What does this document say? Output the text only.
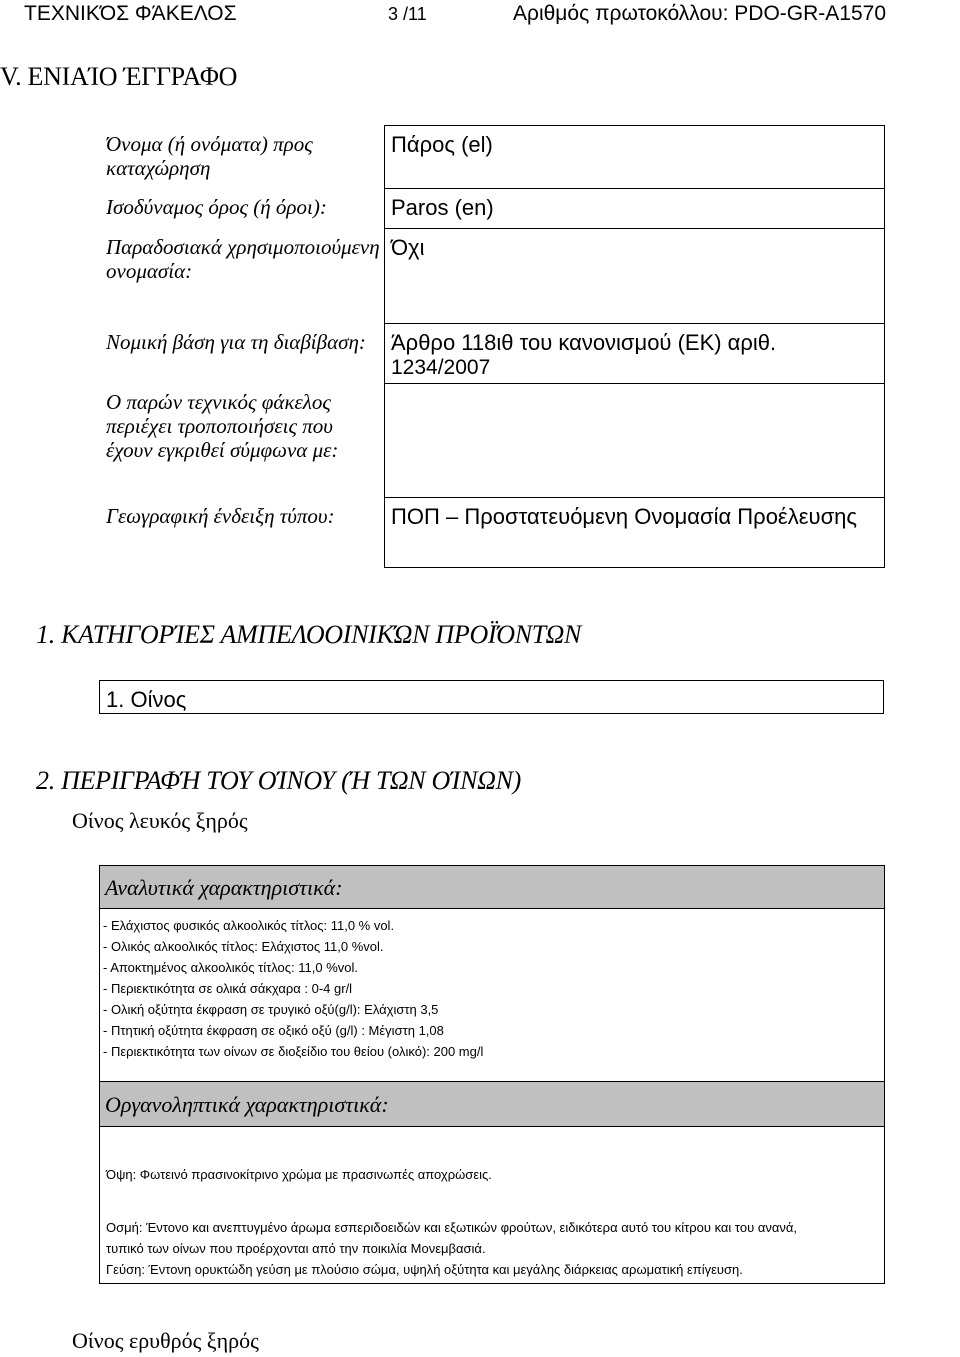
ΤΕΧΝΙΚΌΣ ΦΆΚΕΛΟΣ	3 /11	Αριθμός πρωτοκόλλου: PDO-GR-A1570
V. ΕΝΙΑΊΟ ΈΓΓΡΑΦΟ
Όνομα (ή ονόματα) προς καταχώρηση	Πάρος (el)
Ισοδύναμος όρος (ή όροι):	Paros (en)
Παραδοσιακά χρησιμοποιούμενη ονομασία:	Όχι
Νομική βάση για τη διαβίβαση:	Άρθρο 118ιθ του κανονισμού (ΕΚ) αριθ.
1234/2007

Ο παρών τεχνικός φάκελος περιέχει τροποποιήσεις που έχουν εγκριθεί σύμφωνα με:	
Γεωγραφική ένδειξη τύπου:	ΠΟΠ – Προστατευόμενη Ονομασία Προέλευσης
1. ΚΑΤΗΓΟΡΊΕΣ ΑΜΠΕΛΟΟΙΝΙΚΏΝ ΠΡΟΪΌΝΤΩΝ
1. Οίνος
2. ΠΕΡΙΓΡΑΦΉ ΤΟΥ ΟΊΝΟΥ (Ή ΤΩΝ ΟΊΝΩΝ)
Οίνος λευκός ξηρός
Αναλυτικά χαρακτηριστικά:
- Ελάχιστος φυσικός αλκοολικός τίτλος: 11,0 % vol.
- Ολικός αλκοολικός τίτλος: Ελάχιστος 11,0 %vol.
- Αποκτημένος αλκοολικός τίτλος: 11,0 %vol.
- Περιεκτικότητα σε ολικά σάκχαρα : 0-4 gr/l
- Ολική οξύτητα έκφραση σε τρυγικό οξύ(g/l): Ελάχιστη 3,5
- Πτητική οξύτητα έκφραση σε οξικό οξύ (g/l) : Μέγιστη 1,08
- Περιεκτικότητα των οίνων σε διοξείδιο του θείου (ολικό): 200 mg/l
Οργανοληπτικά χαρακτηριστικά:
Όψη: Φωτεινό πρασινοκίτρινο χρώμα με πρασινωπές αποχρώσεις.
Οσμή: Έντονο και ανεπτυγμένο άρωμα εσπεριδοειδών και εξωτικών φρούτων, ειδικότερα αυτό του κίτρου και του ανανά,
τυπικό των οίνων που προέρχονται από την ποικιλία Μονεμβασιά.
Γεύση: Έντονη ορυκτώδη γεύση με πλούσιο σώμα, υψηλή οξύτητα και μεγάλης διάρκειας αρωματική επίγευση.
Οίνος ερυθρός ξηρός
